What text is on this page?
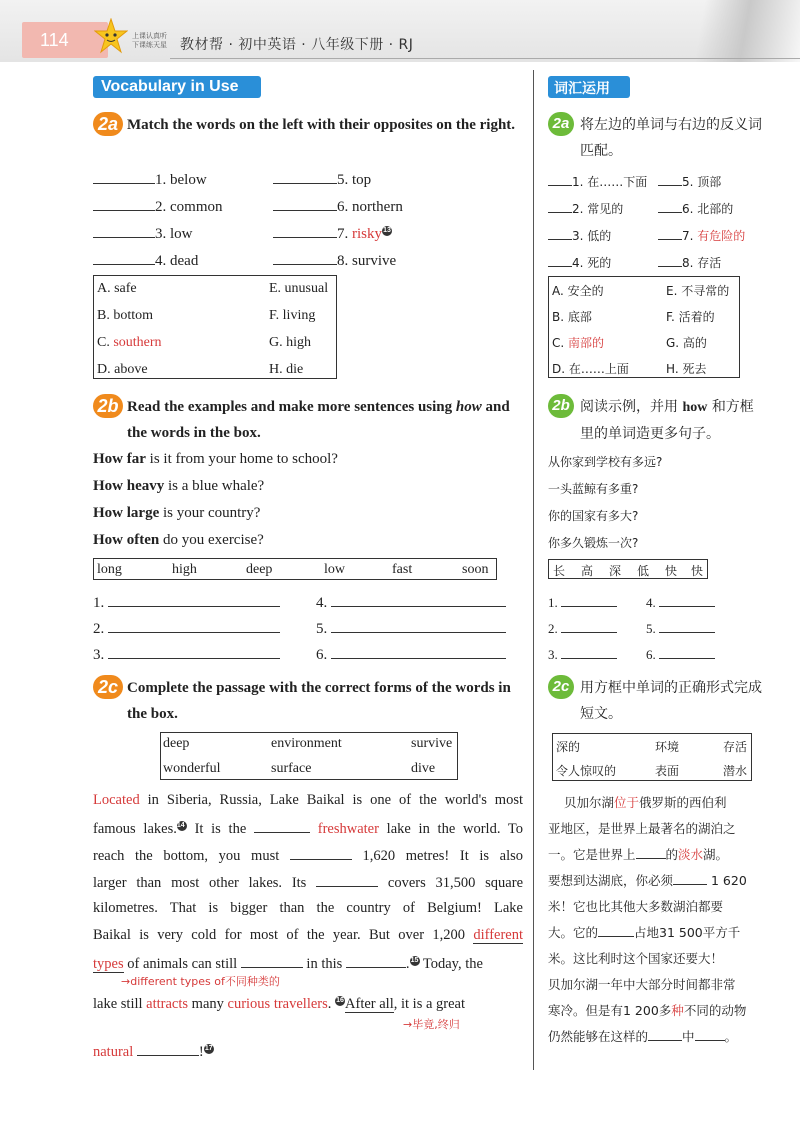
114	上课认真听
下课练天星 教材帮 · 初中英语 · 八年级下册 · RJ
Vocabulary in Use
2a Match the words on the left with their opposites on the right.
1. below
2. common
3. low
4. dead
5. top
6. northern
7. risky13
8. survive
A. safe
B. bottom
C. southern
D. above
E. unusual
F. living
G. high
H. die
2b Read the examples and make more sentences using how and the words in the box.
How far is it from your home to school?
How heavy is a blue whale?
How large is your country?
How often do you exercise?
long	high	deep	low	fast	soon
1.
2.
3.
4.
5.
6.
2c Complete the passage with the correct forms of the words in the box.
deep	environment	survive
wonderful	surface	dive
Located in Siberia, Russia, Lake Baikal is one of the world's most
famous lakes.14 It is the	freshwater lake in the world. To
reach the bottom, you must	1,620 metres! It is also
larger than most other lakes. Its	covers 31,500 square
kilometres. That is bigger than the country of Belgium! Lake
Baikal is very cold for most of the year. But over 1,200 different
types of animals can still	in this	.15 Today, the
→different types of不同种类的
lake still attracts many curious travellers. 16After all, it is a great
→毕竟,终归
natural	!17
词汇运用
2a 将左边的单词与右边的反义词匹配。
1. 在……下面
2. 常见的
3. 低的
4. 死的
5. 顶部
6. 北部的
7. 有危险的
8. 存活
A. 安全的
B. 底部
C. 南部的
D. 在……上面
E. 不寻常的
F. 活着的
G. 高的
H. 死去
2b 阅读示例，并用 how 和方框里的单词造更多句子。
从你家到学校有多远?
一头蓝鲸有多重?
你的国家有多大?
你多久锻炼一次?
长 高 深 低 快 快
1.
2.
3.
4.
5.
6.
2c 用方框中单词的正确形式完成短文。
深的	环境	存活
令人惊叹的	表面	潜水
贝加尔湖位于俄罗斯的西伯利
亚地区，是世界上最著名的湖泊之
一。它是世界上 的淡水湖。
要想到达湖底，你必须	1 620
米！它也比其他大多数湖泊都要
大。它的	占地31 500平方千
米。这比利时这个国家还要大！
贝加尔湖一年中大部分时间都非常
寒冷。但是有1 200多种不同的动物
仍然能够在这样的	中 。
